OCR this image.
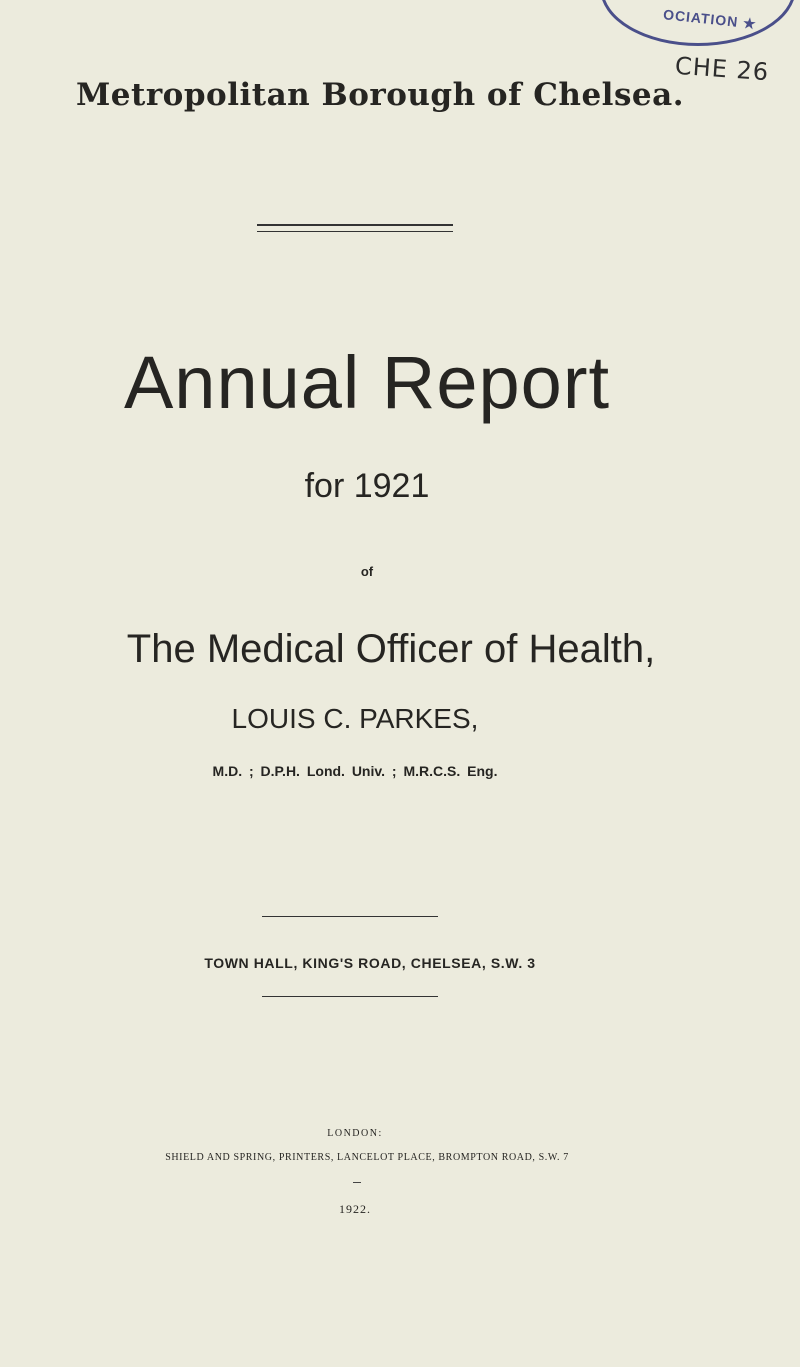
OCIATION ★
CHE 26
Metropolitan Borough of Chelsea.
Annual Report
for 1921
of
The Medical Officer of Health,
LOUIS C. PARKES,
M.D. ; D.P.H. Lond. Univ. ; M.R.C.S. Eng.
TOWN HALL, KING'S ROAD, CHELSEA, S.W. 3
LONDON:
SHIELD AND SPRING, PRINTERS, LANCELOT PLACE, BROMPTON ROAD, S.W. 7
1922.
